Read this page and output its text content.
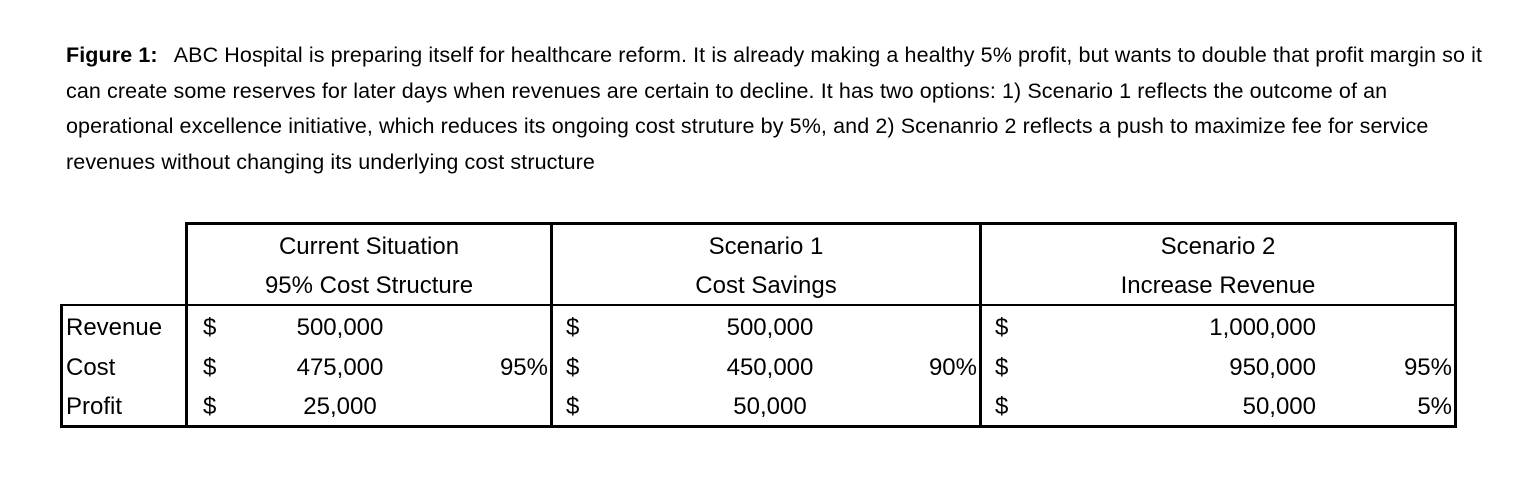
Figure 1: ABC Hospital is preparing itself for healthcare reform. It is already making a healthy 5% profit, but wants to double that profit margin so it can create some reserves for later days when revenues are certain to decline. It has two options: 1) Scenario 1 reflects the outcome of an operational excellence initiative, which reduces its ongoing cost struture by 5%, and 2) Scenanrio 2 reflects a push to maximize fee for service revenues without changing its underlying cost structure
Current Situation
95% Cost Structure
Scenario 1
Cost Savings
Scenario 2
Increase Revenue
Revenue
Cost
Profit
$
$
$
500,000
475,000
25,000
95%
$
$
$
500,000
450,000
50,000
90%
$
$
$
1,000,000
950,000
50,000
95%
5%
